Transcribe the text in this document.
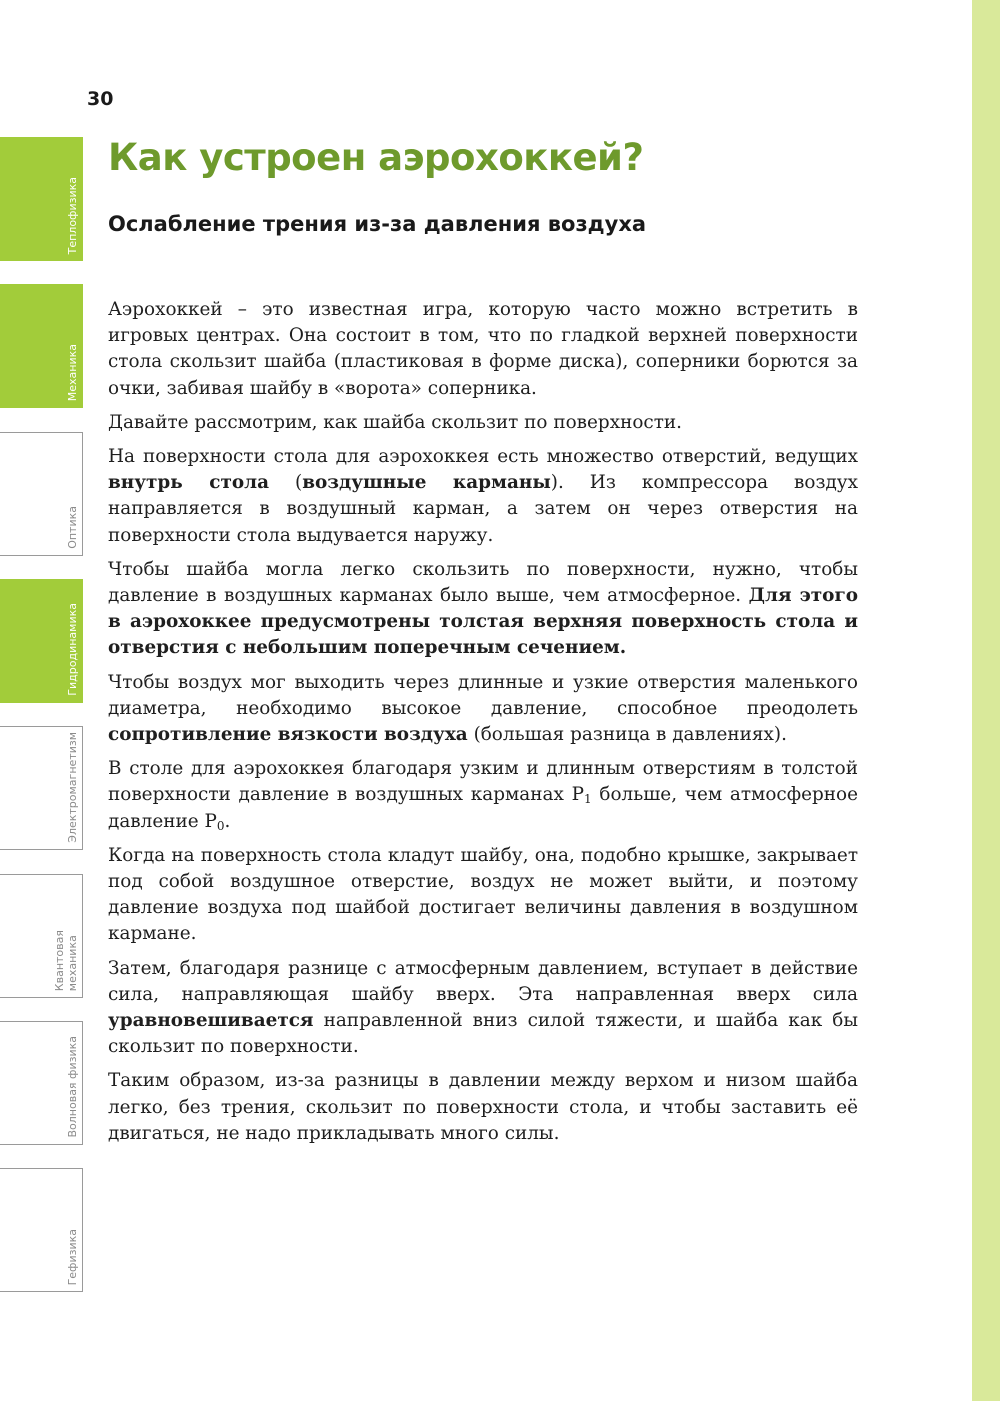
30
Теплофизика
Механика
Оптика
Гидродинамика
Электромагнетизм
Квантовая
механика
Волновая физика
Гефизика
Как устроен аэрохоккей?
Ослабление трения из-за давления воздуха

Аэрохоккей – это известная игра, которую часто можно встретить в игровых центрах. Она состоит в том, что по гладкой верхней поверхности стола скользит шайба (пластиковая в форме диска), соперники борются за очки, забивая шайбу в «ворота» соперника.

Давайте рассмотрим, как шайба скользит по поверхности.

На поверхности стола для аэрохоккея есть множество отверстий, ведущих внутрь стола (воздушные карманы). Из компрессора воздух направляется в воздушный карман, а затем он через отверстия на поверхности стола выдувается наружу.

Чтобы шайба могла легко скользить по поверхности, нужно, чтобы давление в воздушных карманах было выше, чем атмосферное. Для этого в аэрохоккее предусмотрены толстая верхняя поверхность стола и отверстия с небольшим поперечным сечением.

Чтобы воздух мог выходить через длинные и узкие отверстия маленького диаметра, необходимо высокое давление, способное преодолеть сопротивление вязкости воздуха (большая разница в давлениях).

В столе для аэрохоккея благодаря узким и длинным отверстиям в толстой поверхности давление в воздушных карманах $P_1$ больше, чем атмосферное давление $P_0$.

Когда на поверхность стола кладут шайбу, она, подобно крышке, закрывает под собой воздушное отверстие, воздух не может выйти, и поэтому давление воздуха под шайбой достигает величины давления в воздушном кармане.

Затем, благодаря разнице с атмосферным давлением, вступает в действие сила, направляющая шайбу вверх. Эта направленная вверх сила уравновешивается направленной вниз силой тяжести, и шайба как бы скользит по поверхности.

Таким образом, из-за разницы в давлении между верхом и низом шайба легко, без трения, скользит по поверхности стола, и чтобы заставить её двигаться, не надо прикладывать много силы.
